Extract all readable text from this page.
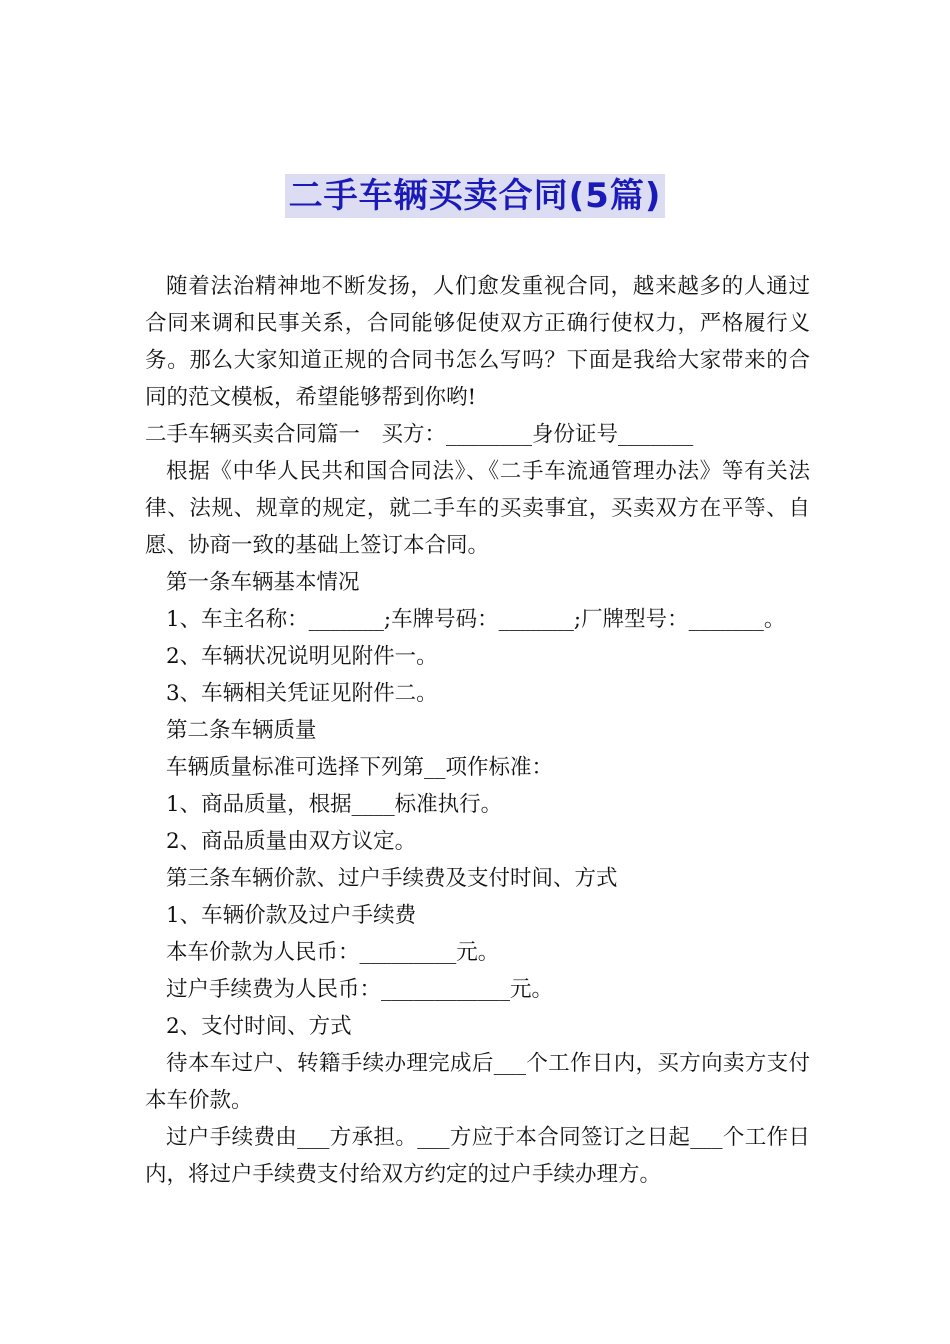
二手车辆买卖合同(5篇)

随着法治精神地不断发扬，人们愈发重视合同，越来越多的人通过合同来调和民事关系，合同能够促使双方正确行使权力，严格履行义务。那么大家知道正规的合同书怎么写吗？下面是我给大家带来的合同的范文模板，希望能够帮到你哟!

二手车辆买卖合同篇一　买方：________身份证号_______

根据《中华人民共和国合同法》、《二手车流通管理办法》等有关法律、法规、规章的规定，就二手车的买卖事宜，买卖双方在平等、自愿、协商一致的基础上签订本合同。

第一条车辆基本情况

1、车主名称：_______;车牌号码：_______;厂牌型号：_______。

2、车辆状况说明见附件一。

3、车辆相关凭证见附件二。

第二条车辆质量

车辆质量标准可选择下列第__项作标准：

1、商品质量，根据____标准执行。

2、商品质量由双方议定。

第三条车辆价款、过户手续费及支付时间、方式

1、车辆价款及过户手续费

本车价款为人民币：_________元。

过户手续费为人民币：____________元。

2、支付时间、方式

待本车过户、转籍手续办理完成后___个工作日内，买方向卖方支付本车价款。

过户手续费由___方承担。___方应于本合同签订之日起___个工作日内，将过户手续费支付给双方约定的过户手续办理方。
